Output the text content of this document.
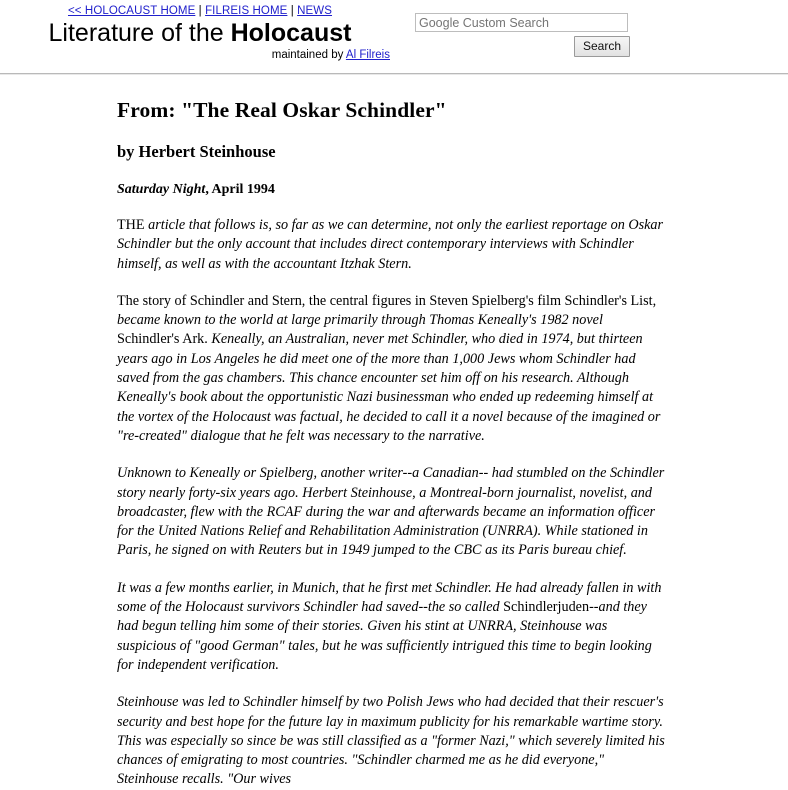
<< HOLOCAUST HOME | FILREIS HOME | NEWS
Literature of the Holocaust
maintained by Al Filreis
Google Custom Search
Search
From: "The Real Oskar Schindler"
by Herbert Steinhouse

Saturday Night, April 1994

THE article that follows is, so far as we can determine, not only the earliest reportage on Oskar Schindler but the only account that includes direct contemporary interviews with Schindler himself, as well as with the accountant Itzhak Stern.

The story of Schindler and Stern, the central figures in Steven Spielberg's film Schindler's List, became known to the world at large primarily through Thomas Keneally's 1982 novel Schindler's Ark. Keneally, an Australian, never met Schindler, who died in 1974, but thirteen years ago in Los Angeles he did meet one of the more than 1,000 Jews whom Schindler had saved from the gas chambers. This chance encounter set him off on his research. Although Keneally's book about the opportunistic Nazi businessman who ended up redeeming himself at the vortex of the Holocaust was factual, he decided to call it a novel because of the imagined or "re-created" dialogue that he felt was necessary to the narrative.

Unknown to Keneally or Spielberg, another writer--a Canadian-- had stumbled on the Schindler story nearly forty-six years ago. Herbert Steinhouse, a Montreal-born journalist, novelist, and broadcaster, flew with the RCAF during the war and afterwards became an information officer for the United Nations Relief and Rehabilitation Administration (UNRRA). While stationed in Paris, he signed on with Reuters but in 1949 jumped to the CBC as its Paris bureau chief.

It was a few months earlier, in Munich, that he first met Schindler. He had already fallen in with some of the Holocaust survivors Schindler had saved--the so called Schindlerjuden--and they had begun telling him some of their stories. Given his stint at UNRRA, Steinhouse was suspicious of "good German" tales, but he was sufficiently intrigued this time to begin looking for independent verification.

Steinhouse was led to Schindler himself by two Polish Jews who had decided that their rescuer's security and best hope for the future lay in maximum publicity for his remarkable wartime story. This was especially so since be was still classified as a "former Nazi," which severely limited his chances of emigrating to most countries. "Schindler charmed me as he did everyone," Steinhouse recalls. "Our wives
